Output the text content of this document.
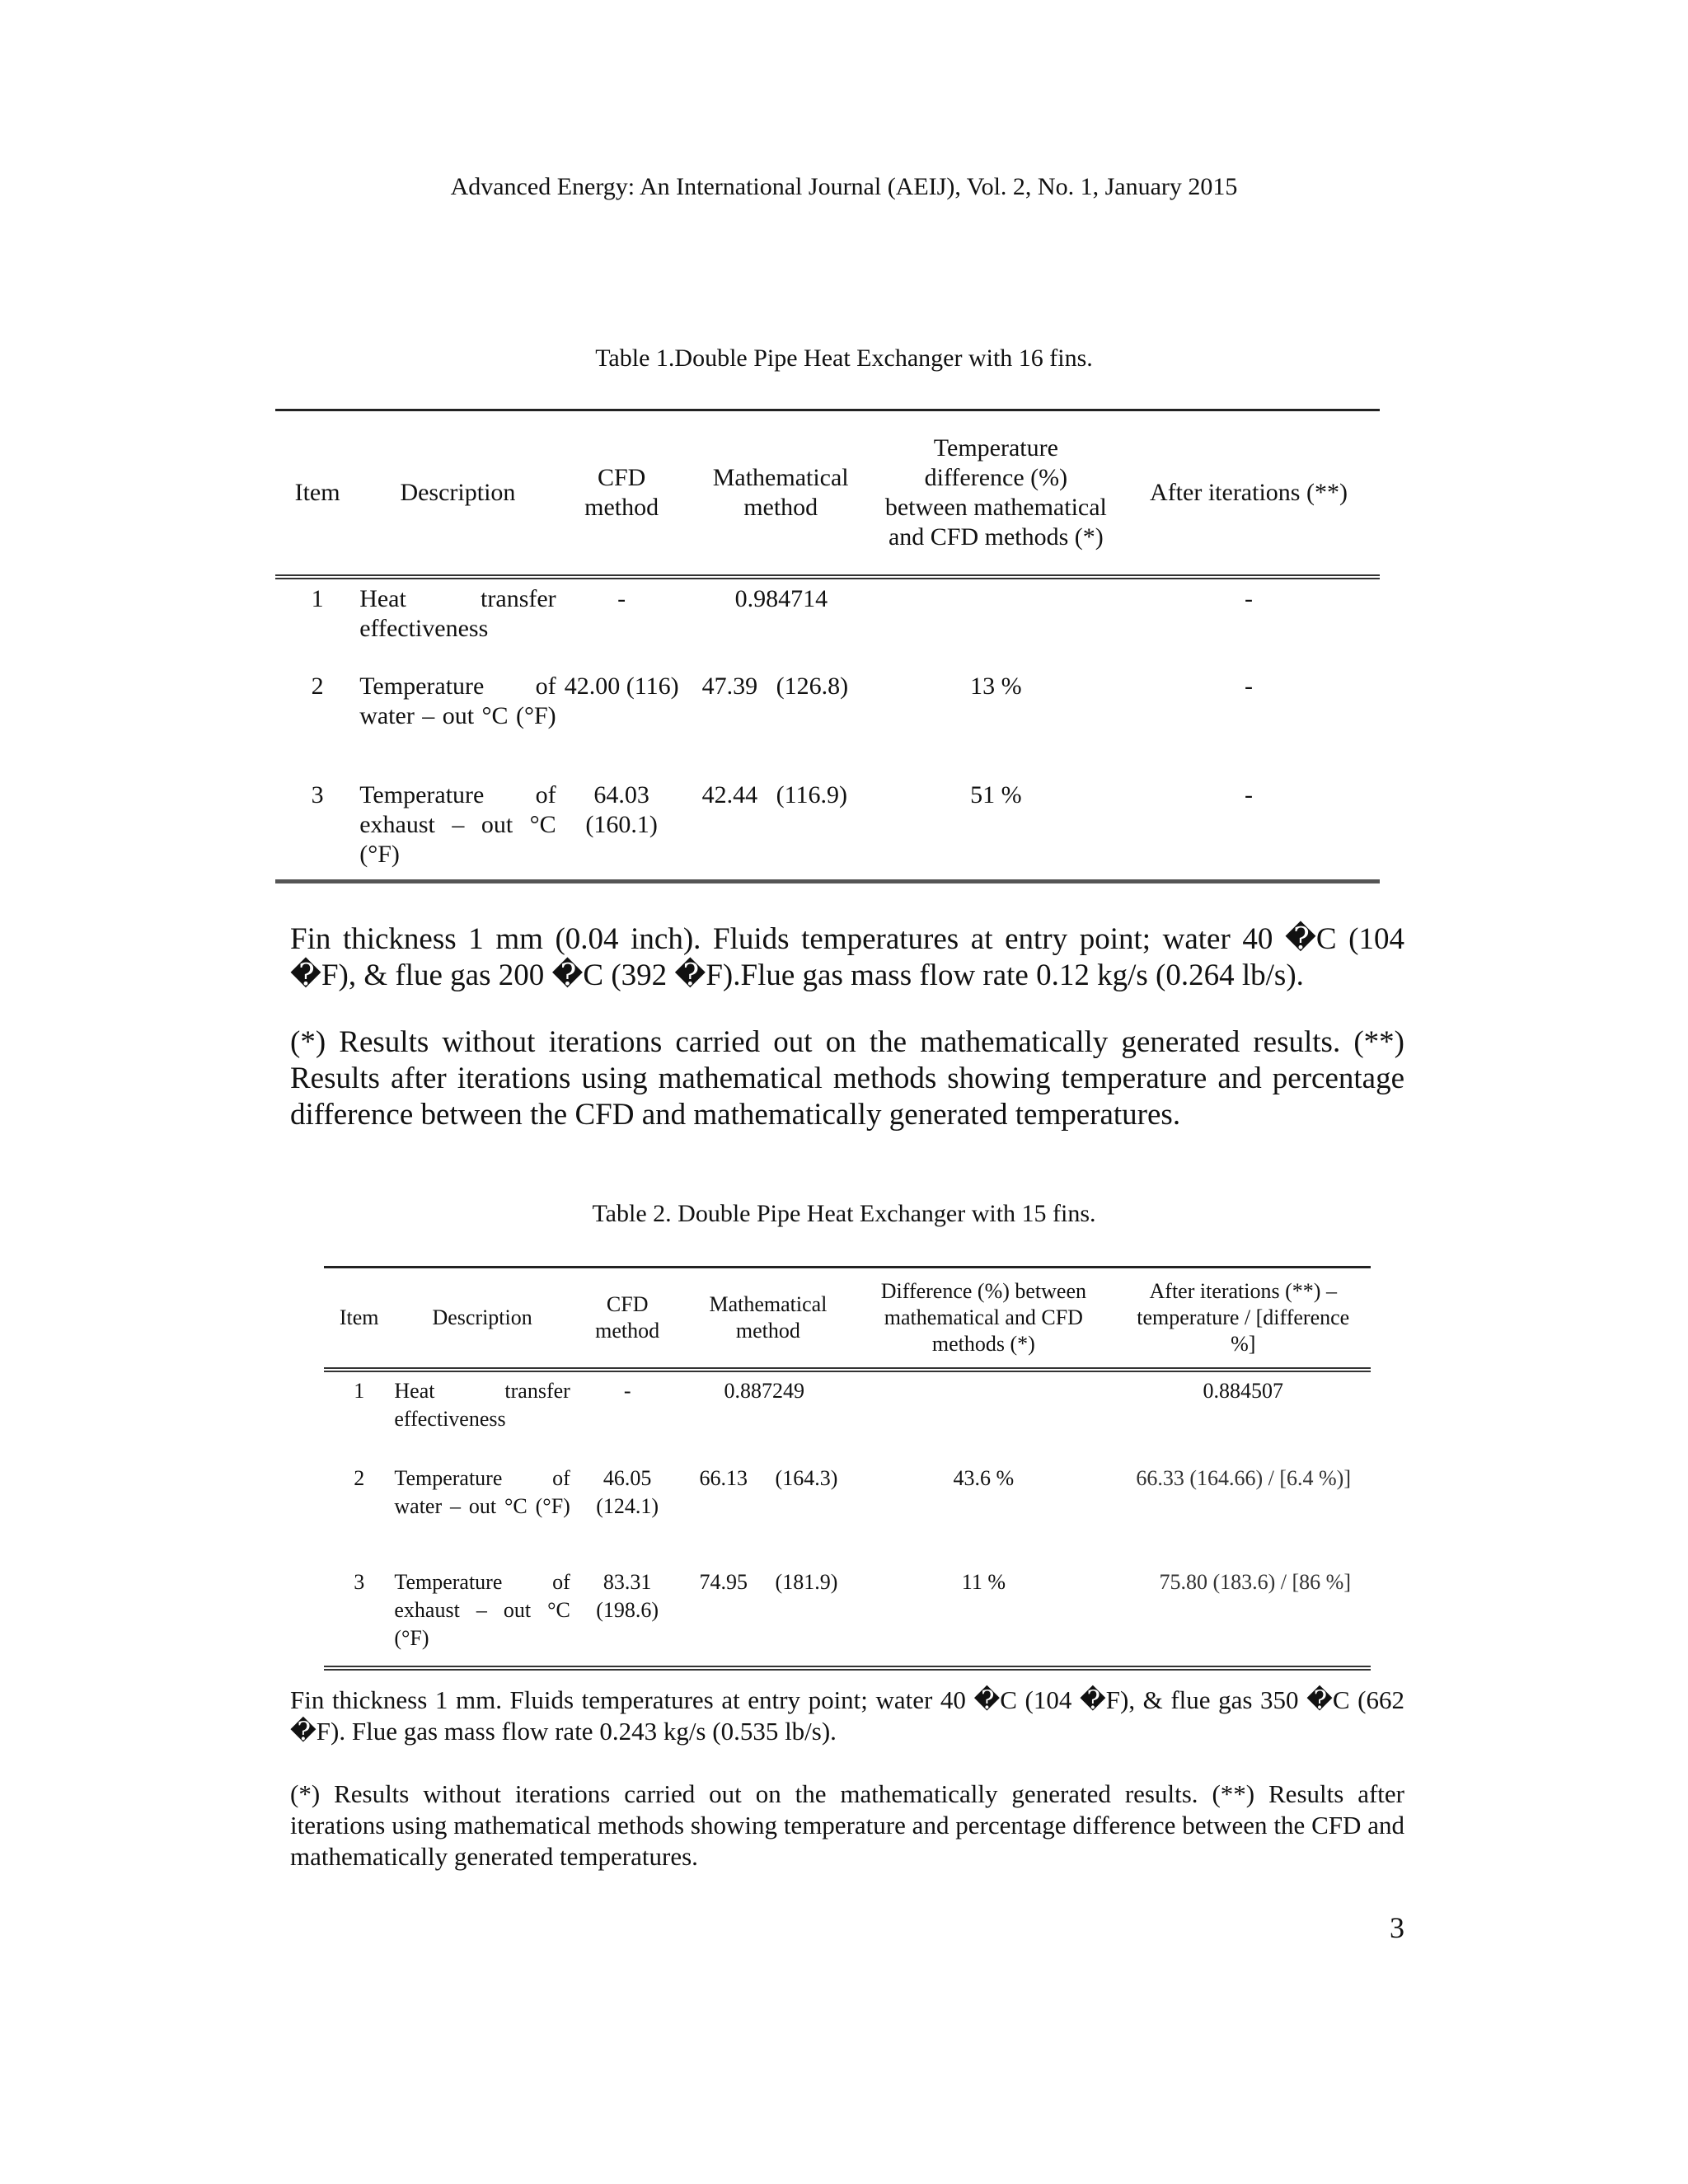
Advanced Energy: An International Journal (AEIJ), Vol. 2, No. 1, January 2015
Table 1.Double Pipe Heat Exchanger with 16 fins.
Item	Description	CFD method	Mathematical method	Temperature difference (%) between mathematical and CFD methods (*)	After iterations (**)
1	Heat transfer effectiveness	-	0.984714		-
2	Temperature of water – out °C (°F)	42.00 (116)	47.39 (126.8)	13 %	-
3	Temperature of exhaust – out °C (°F)	64.03 (160.1)	42.44 (116.9)	51 %	-
Fin thickness 1 mm (0.04 inch). Fluids temperatures at entry point; water 40 �C (104 �F), & flue gas 200 �C (392 �F).Flue gas mass flow rate 0.12 kg/s (0.264 lb/s).
(*) Results without iterations carried out on the mathematically generated results. (**) Results after iterations using mathematical methods showing temperature and percentage difference between the CFD and mathematically generated temperatures.
Table 2. Double Pipe Heat Exchanger with 15 fins.
Item	Description	CFD method	Mathematical method	Difference (%) between mathematical and CFD methods (*)	After iterations (**) – temperature / [difference %]
1	Heat transfer effectiveness	-	0.887249		0.884507
2	Temperature of water – out °C (°F)	46.05 (124.1)	66.13 (164.3)	43.6 %	66.33 (164.66) / [6.4 %)]
3	Temperature of exhaust – out °C (°F)	83.31 (198.6)	74.95 (181.9)	11 %	75.80 (183.6) / [86 %]
Fin thickness 1 mm. Fluids temperatures at entry point; water 40 �C (104 �F), & flue gas 350 �C (662 �F). Flue gas mass flow rate 0.243 kg/s (0.535 lb/s).
(*) Results without iterations carried out on the mathematically generated results. (**) Results after iterations using mathematical methods showing temperature and percentage difference between the CFD and mathematically generated temperatures.
3
